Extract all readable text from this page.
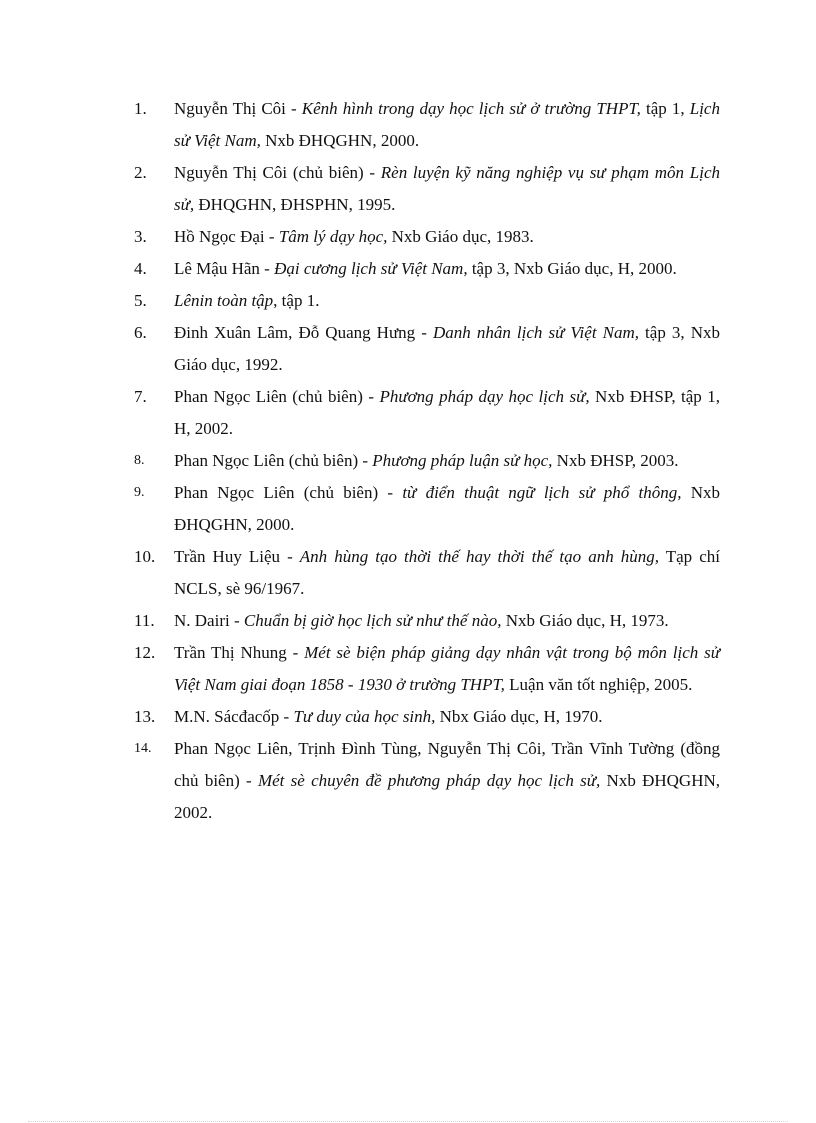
1. Nguyễn Thị Côi - Kênh hình trong dạy học lịch sử ở trường THPT, tập 1, Lịch sử Việt Nam, Nxb ĐHQGHN, 2000.
2. Nguyễn Thị Côi (chủ biên) - Rèn luyện kỹ năng nghiệp vụ sư phạm môn Lịch sử, ĐHQGHN, ĐHSPHN, 1995.
3. Hồ Ngọc Đại - Tâm lý dạy học, Nxb Giáo dục, 1983.
4. Lê Mậu Hãn - Đại cương lịch sử Việt Nam, tập 3, Nxb Giáo dục, H, 2000.
5. Lênin toàn tập, tập 1.
6. Đinh Xuân Lâm, Đỗ Quang Hưng - Danh nhân lịch sử Việt Nam, tập 3, Nxb Giáo dục, 1992.
7. Phan Ngọc Liên (chủ biên) - Phương pháp dạy học lịch sử, Nxb ĐHSP, tập 1, H, 2002.
8. Phan Ngọc Liên (chủ biên) - Phương pháp luận sử học, Nxb ĐHSP, 2003.
9. Phan Ngọc Liên (chủ biên) - từ điển thuật ngữ lịch sử phổ thông, Nxb ĐHQGHN, 2000.
10. Trần Huy Liệu - Anh hùng tạo thời thế hay thời thế tạo anh hùng, Tạp chí NCLS, sè 96/1967.
11. N. Dairi - Chuẩn bị giờ học lịch sử như thế nào, Nxb Giáo dục, H, 1973.
12. Trần Thị Nhung - Mét sè biện pháp giảng dạy nhân vật trong bộ môn lịch sử Việt Nam giai đoạn 1858 - 1930 ở trường THPT, Luận văn tốt nghiệp, 2005.
13. M.N. Sácđacốp - Tư duy của học sinh, Nbx Giáo dục, H, 1970.
14. Phan Ngọc Liên, Trịnh Đình Tùng, Nguyễn Thị Côi, Trần Vĩnh Tường (đồng chủ biên) - Mét sè chuyên đề phương pháp dạy học lịch sử, Nxb ĐHQGHN, 2002.
